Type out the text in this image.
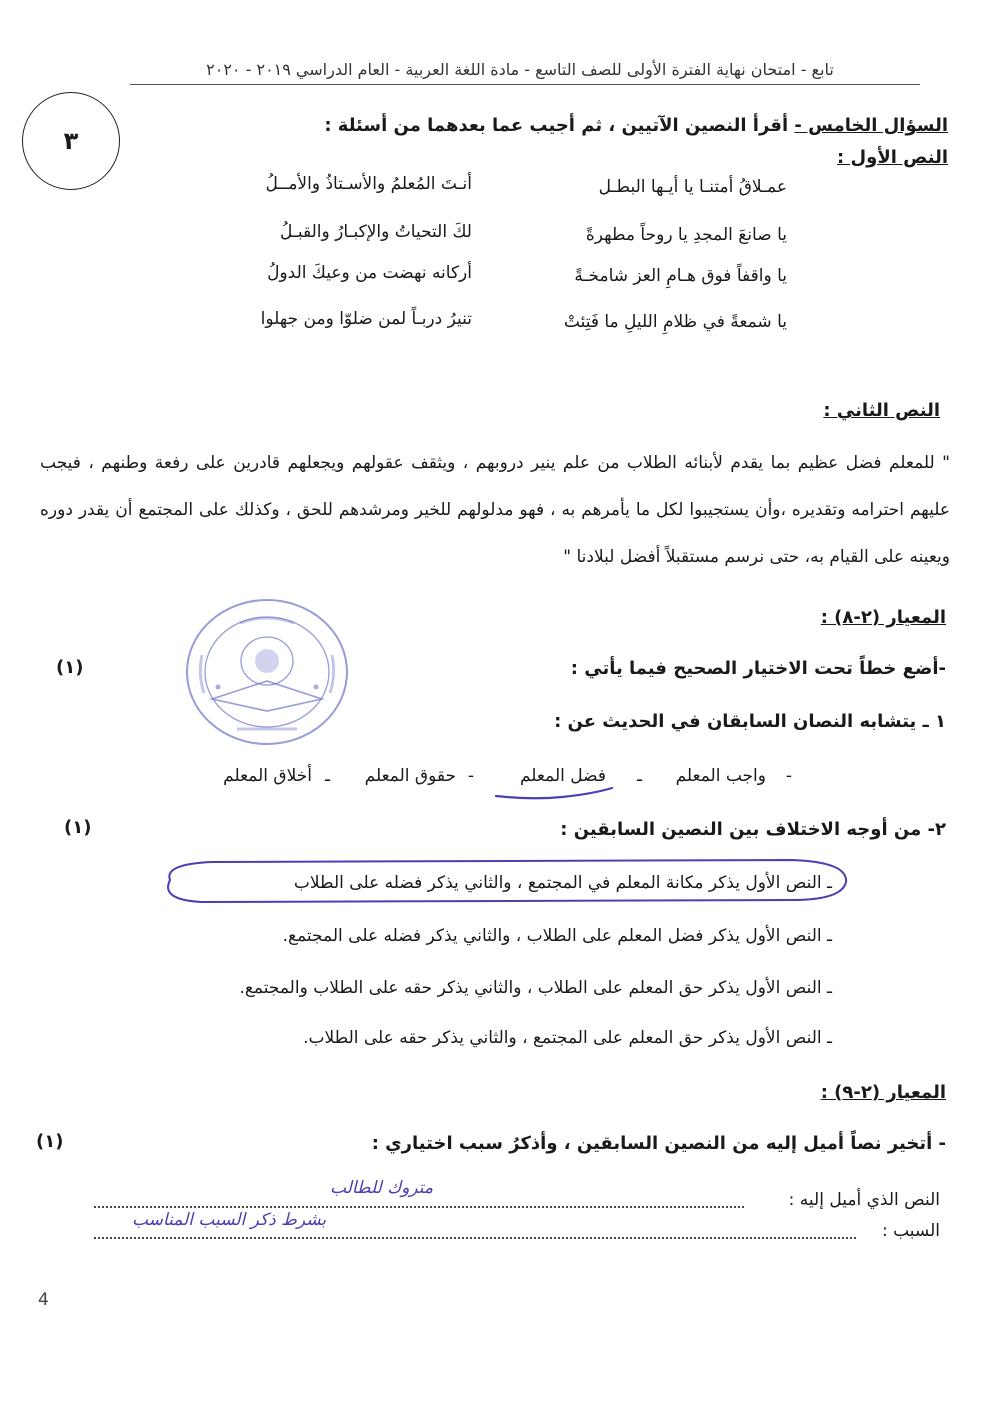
تابع - امتحان نهاية الفترة الأولى للصف التاسع - مادة اللغة العربية - العام الدراسي ٢٠١٩ - ٢٠٢٠
٣
السؤال الخامس - أقرأ النصين الآتيين ، ثم أجيب عما بعدهما من أسئلة :
النص الأول :
عمـلاقُ أمتنـا يا أيـها البطـل
أنـتَ المُعلمُ والأسـتاذُ والأمــلُ
يا صانعَ المجدِ يا روحاً مطهرةً
لكَ التحياتُ والإكبـارُ والقبـلُ
يا واقفاً فوق هـامِ العز شامخـةً
أركانه نهضت من وعيكَ الدولُ
يا شمعةً في ظلامِ الليلِ ما فَتِئتْ
تنيرُ دربـاً لمن ضلوّا ومن جهلوا
النص الثاني :
" للمعلم فضل عظيم بما يقدم لأبنائه الطلاب من علم ينير دروبهم ، ويثقف عقولهم ويجعلهم قادرين على رفعة وطنهم ، فيجب عليهم احترامه وتقديره ،وأن يستجيبوا لكل ما يأمرهم به ، فهو مدلولهم للخير ومرشدهم للحق ، وكذلك على المجتمع أن يقدر دوره ويعينه على القيام به، حتى نرسم مستقبلاً أفضل لبلادنا "
المعيار (٢-٨) :
-أضع خطاً تحت الاختيار الصحيح فيما يأتي :
(١)
١ ـ يتشابه النصان السابقان في الحديث عن :
-
واجب المعلم
ـ
فضل المعلم
-
حقوق المعلم
ـ
أخلاق المعلم
٢- من أوجه الاختلاف بين النصين السابقين :
(١)
ـ النص الأول يذكر مكانة المعلم في المجتمع ، والثاني يذكر فضله على الطلاب
ـ النص الأول يذكر فضل المعلم على الطلاب ، والثاني يذكر فضله على المجتمع.
ـ النص الأول يذكر حق المعلم على الطلاب ، والثاني يذكر حقه على الطلاب والمجتمع.
ـ النص الأول يذكر حق المعلم على المجتمع ، والثاني يذكر حقه على الطلاب.
المعيار (٢-٩) :
- أتخير نصاً أميل إليه من النصين السابقين ، وأذكرُ سبب اختياري :
(١)
النص الذي أميل إليه :
متروك للطالب
السبب :
بشرط ذكر السبب المناسب
4
